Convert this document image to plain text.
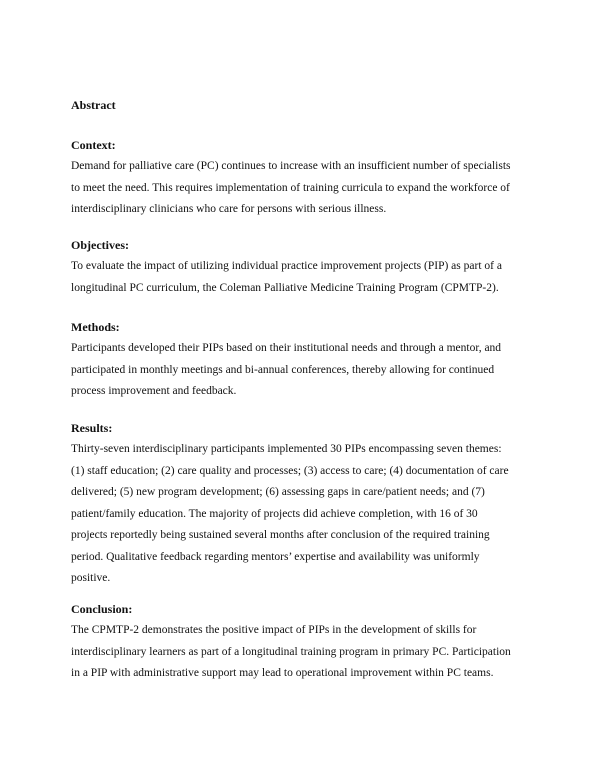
Abstract
Context:

Demand for palliative care (PC) continues to increase with an insufficient number of specialists

to meet the need. This requires implementation of training curricula to expand the workforce of

interdisciplinary clinicians who care for persons with serious illness.

Objectives:

To evaluate the impact of utilizing individual practice improvement projects (PIP) as part of a

longitudinal PC curriculum, the Coleman Palliative Medicine Training Program (CPMTP-2).

Methods:

Participants developed their PIPs based on their institutional needs and through a mentor, and

participated in monthly meetings and bi-annual conferences, thereby allowing for continued

process improvement and feedback.

Results:

Thirty-seven interdisciplinary participants implemented 30 PIPs encompassing seven themes:

(1) staff education; (2) care quality and processes; (3) access to care; (4) documentation of care

delivered; (5) new program development; (6) assessing gaps in care/patient needs; and (7)

patient/family education. The majority of projects did achieve completion, with 16 of 30

projects reportedly being sustained several months after conclusion of the required training

period. Qualitative feedback regarding mentors’ expertise and availability was uniformly

positive.

Conclusion:

The CPMTP-2 demonstrates the positive impact of PIPs in the development of skills for

interdisciplinary learners as part of a longitudinal training program in primary PC. Participation

in a PIP with administrative support may lead to operational improvement within PC teams.
